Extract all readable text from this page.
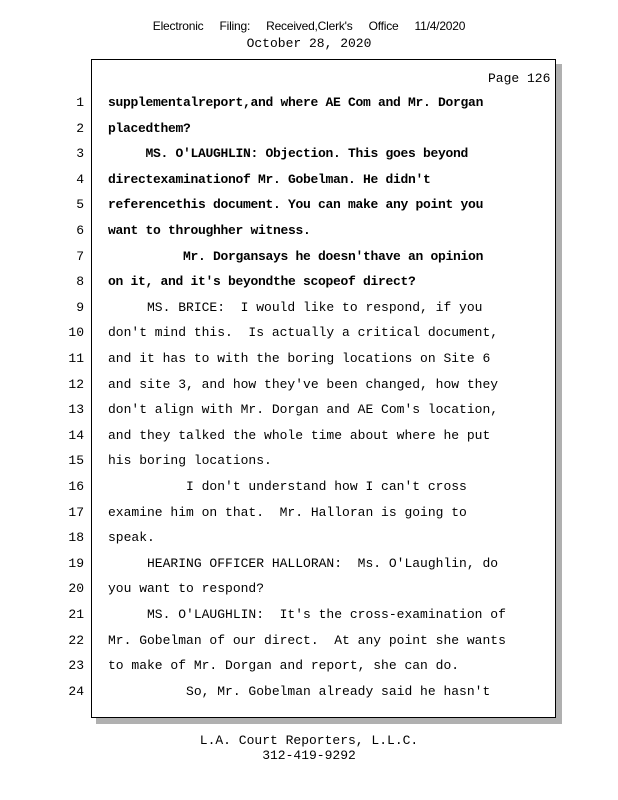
Electronic Filing: Received,Clerk's Office 11/4/2020
October 28, 2020
Page 126
1 supplementalreport,and where AE Com and Mr. Dorgan
2 placedthem?
3 MS. O'LAUGHLIN: Objection. This goes beyond
4 directexaminationof Mr. Gobelman. He didn't
5 referencethis document. You can make any point you
6 want to throughher witness.
7 Mr. Dorgansays he doesn'thave an opinion
8 on it, and it's beyondthe scopeof direct?
9 MS. BRICE:  I would like to respond, if you
10 don't mind this.  Is actually a critical document,
11 and it has to with the boring locations on Site 6
12 and site 3, and how they've been changed, how they
13 don't align with Mr. Dorgan and AE Com's location,
14 and they talked the whole time about where he put
15 his boring locations.
16 I don't understand how I can't cross
17 examine him on that.  Mr. Halloran is going to
18 speak.
19 HEARING OFFICER HALLORAN:  Ms. O'Laughlin, do
20 you want to respond?
21 MS. O'LAUGHLIN:  It's the cross-examination of
22 Mr. Gobelman of our direct.  At any point she wants
23 to make of Mr. Dorgan and report, she can do.
24 So, Mr. Gobelman already said he hasn't
L.A. Court Reporters, L.L.C.
312-419-9292
